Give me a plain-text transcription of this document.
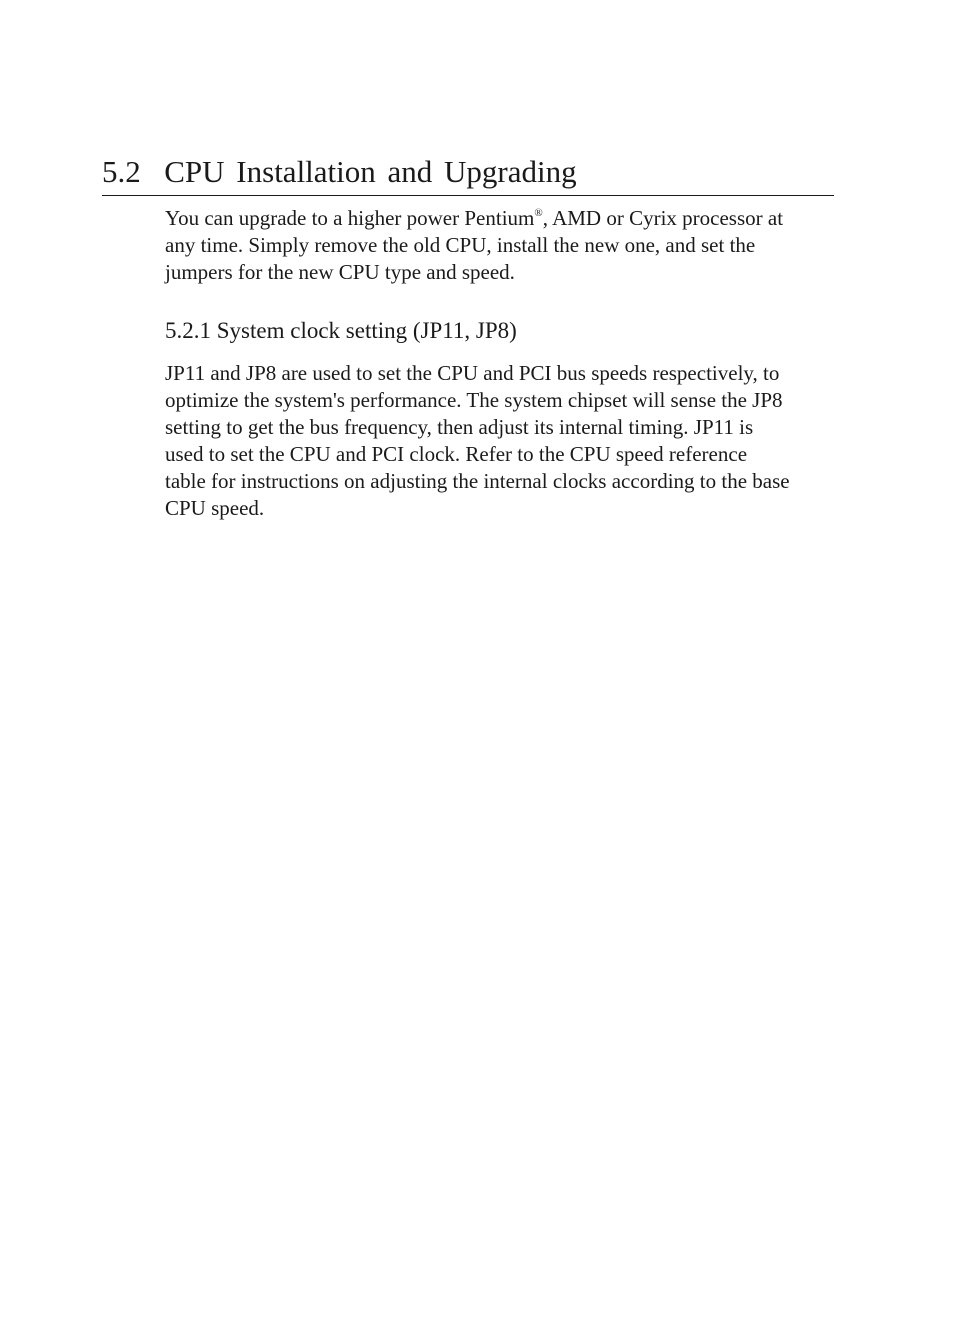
5.2 CPU Installation and Upgrading

You can upgrade to a higher power Pentium®, AMD or Cyrix processor at
any time. Simply remove the old CPU, install the new one, and set the
jumpers for the new CPU type and speed.

5.2.1 System clock setting (JP11, JP8)

JP11 and JP8 are used to set the CPU and PCI bus speeds respectively, to
optimize the system's performance. The system chipset will sense the JP8
setting to get the bus frequency, then adjust its internal timing. JP11 is
used to set the CPU and PCI clock. Refer to the CPU speed reference
table for instructions on adjusting the internal clocks according to the base
CPU speed.
